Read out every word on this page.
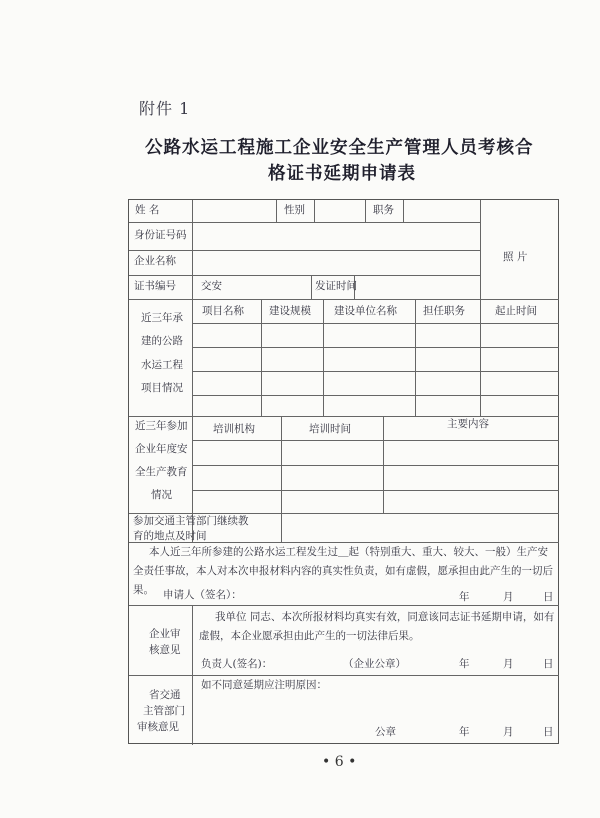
附件 1
公路水运工程施工企业安全生产管理人员考核合
格证书延期申请表
姓 名	性别	职务
照 片
身份证号码
企业名称
证书编号 交安	发证时间
近三年承
建的公路
水运工程
项目情况
项目名称 建设规模 建设单位名称 担任职务	起止时间
近三年参加
企业年度安
全生产教育
情况
培训机构	培训时间	主要内容
参加交通主管部门继续教
育的地点及时间
本人近三年所参建的公路水运工程发生过＿起（特别重大、重大、较大、一般）生产安全责任事故，本人对本次申报材料内容的真实性负责，如有虚假，愿承担由此产生的一切后果。 申请人（签名）：	年	月	日
企业审
核意见
我单位 同志、本次所报材料均真实有效，同意该同志证书延期申请，如有虚假，本企业愿承担由此产生的一切法律后果。
负责人(签名)：	（企业公章）	年	月	日
省交通
主管部门
审核意见
如不同意延期应注明原因：
公章	年	月	日
• 6 •
